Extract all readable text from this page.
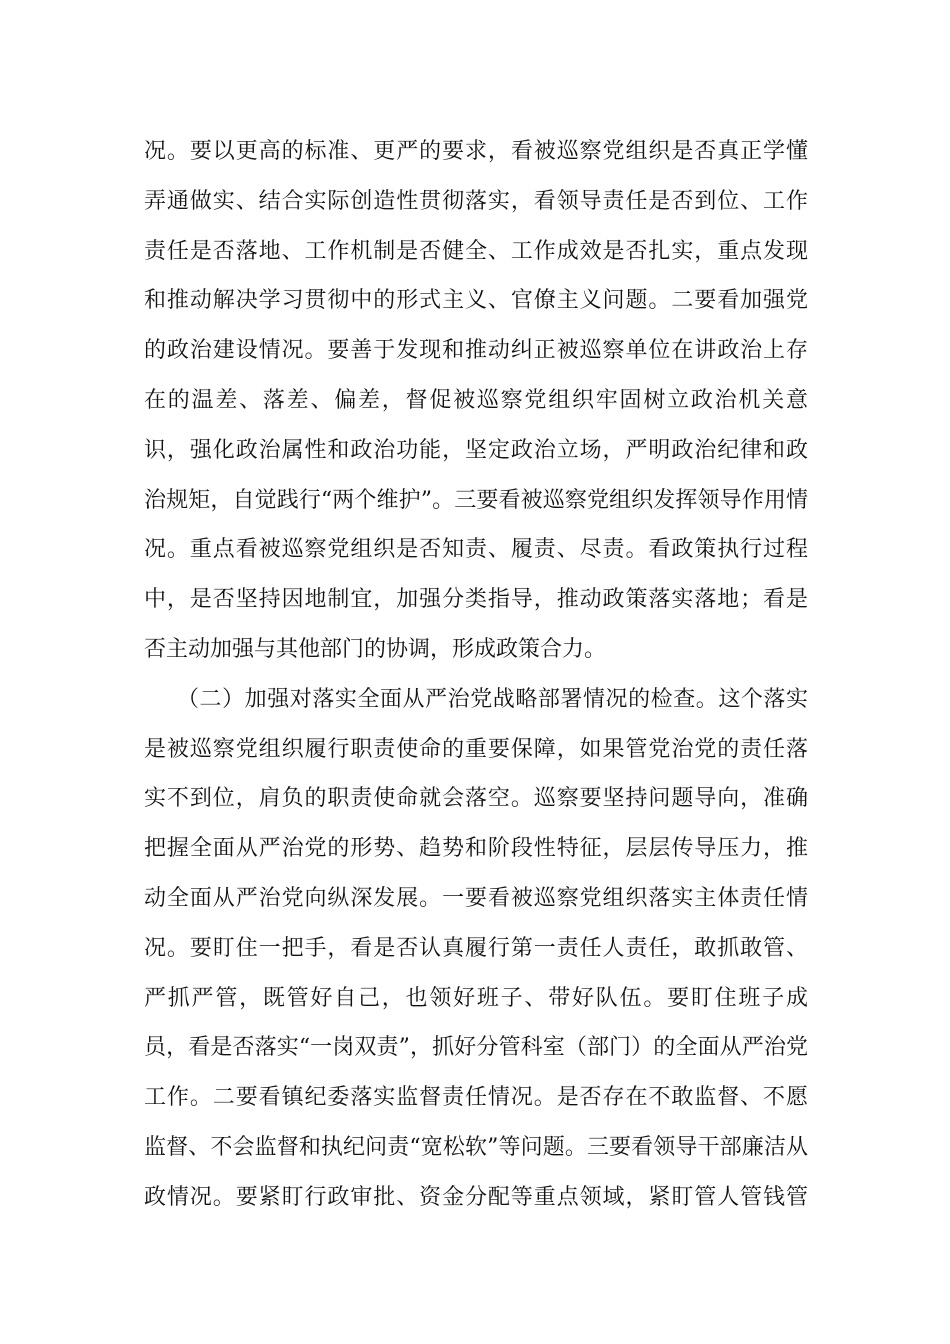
况。要以更高的标准、更严的要求，看被巡察党组织是否真正学懂
弄通做实、结合实际创造性贯彻落实，看领导责任是否到位、工作
责任是否落地、工作机制是否健全、工作成效是否扎实，重点发现
和推动解决学习贯彻中的形式主义、官僚主义问题。二要看加强党
的政治建设情况。要善于发现和推动纠正被巡察单位在讲政治上存
在的温差、落差、偏差，督促被巡察党组织牢固树立政治机关意
识，强化政治属性和政治功能，坚定政治立场，严明政治纪律和政
治规矩，自觉践行“两个维护”。三要看被巡察党组织发挥领导作用情
况。重点看被巡察党组织是否知责、履责、尽责。看政策执行过程
中，是否坚持因地制宜，加强分类指导，推动政策落实落地；看是
否主动加强与其他部门的协调，形成政策合力。
（二）加强对落实全面从严治党战略部署情况的检查。这个落实
是被巡察党组织履行职责使命的重要保障，如果管党治党的责任落
实不到位，肩负的职责使命就会落空。巡察要坚持问题导向，准确
把握全面从严治党的形势、趋势和阶段性特征，层层传导压力，推
动全面从严治党向纵深发展。一要看被巡察党组织落实主体责任情
况。要盯住一把手，看是否认真履行第一责任人责任，敢抓敢管、
严抓严管，既管好自己，也领好班子、带好队伍。要盯住班子成
员，看是否落实“一岗双责”，抓好分管科室（部门）的全面从严治党
工作。二要看镇纪委落实监督责任情况。是否存在不敢监督、不愿
监督、不会监督和执纪问责“宽松软”等问题。三要看领导干部廉洁从
政情况。要紧盯行政审批、资金分配等重点领域，紧盯管人管钱管
